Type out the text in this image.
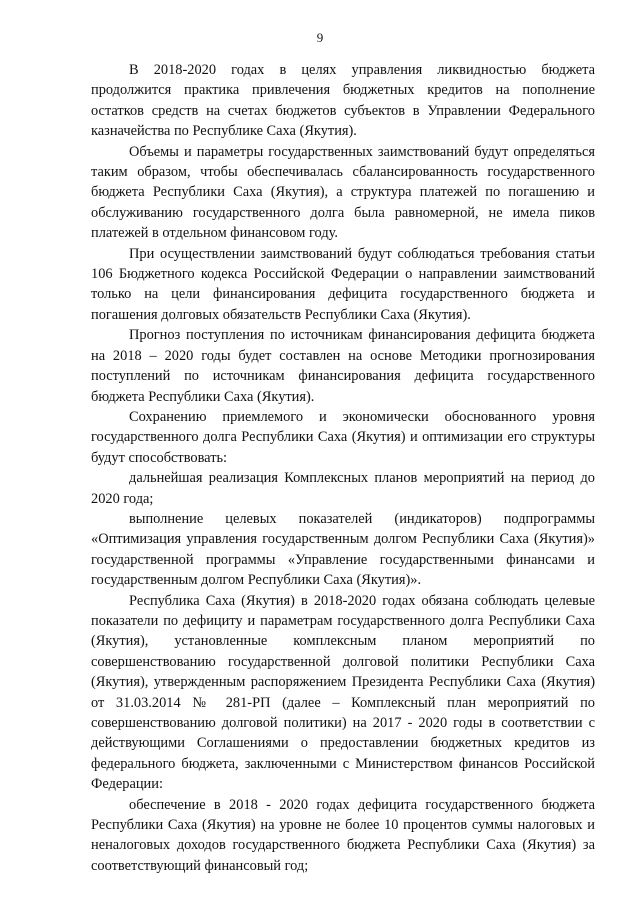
9

В 2018-2020 годах в целях управления ликвидностью бюджета продолжится практика привлечения бюджетных кредитов на пополнение остатков средств на счетах бюджетов субъектов в Управлении Федерального казначейства по Республике Саха (Якутия).

Объемы и параметры государственных заимствований будут определяться таким образом, чтобы обеспечивалась сбалансированность государственного бюджета Республики Саха (Якутия), а структура платежей по погашению и обслуживанию государственного долга была равномерной, не имела пиков платежей в отдельном финансовом году.

При осуществлении заимствований будут соблюдаться требования статьи 106 Бюджетного кодекса Российской Федерации о направлении заимствований только на цели финансирования дефицита государственного бюджета и погашения долговых обязательств Республики Саха (Якутия).

Прогноз поступления по источникам финансирования дефицита бюджета на 2018 – 2020 годы будет составлен на основе Методики прогнозирования поступлений по источникам финансирования дефицита государственного бюджета Республики Саха (Якутия).

Сохранению приемлемого и экономически обоснованного уровня государственного долга Республики Саха (Якутия) и оптимизации его структуры будут способствовать:

дальнейшая реализация Комплексных планов мероприятий на период до 2020 года;

выполнение целевых показателей (индикаторов) подпрограммы «Оптимизация управления государственным долгом Республики Саха (Якутия)» государственной программы «Управление государственными финансами и государственным долгом Республики Саха (Якутия)».

Республика Саха (Якутия) в 2018-2020 годах обязана соблюдать целевые показатели по дефициту и параметрам государственного долга Республики Саха (Якутия), установленные комплексным планом мероприятий по совершенствованию государственной долговой политики Республики Саха (Якутия), утвержденным распоряжением Президента Республики Саха (Якутия) от 31.03.2014 № 281-РП (далее – Комплексный план мероприятий по совершенствованию долговой политики) на 2017 - 2020 годы в соответствии с действующими Соглашениями о предоставлении бюджетных кредитов из федерального бюджета, заключенными с Министерством финансов Российской Федерации:

обеспечение в 2018 - 2020 годах дефицита государственного бюджета Республики Саха (Якутия) на уровне не более 10 процентов суммы налоговых и неналоговых доходов государственного бюджета Республики Саха (Якутия) за соответствующий финансовый год;
